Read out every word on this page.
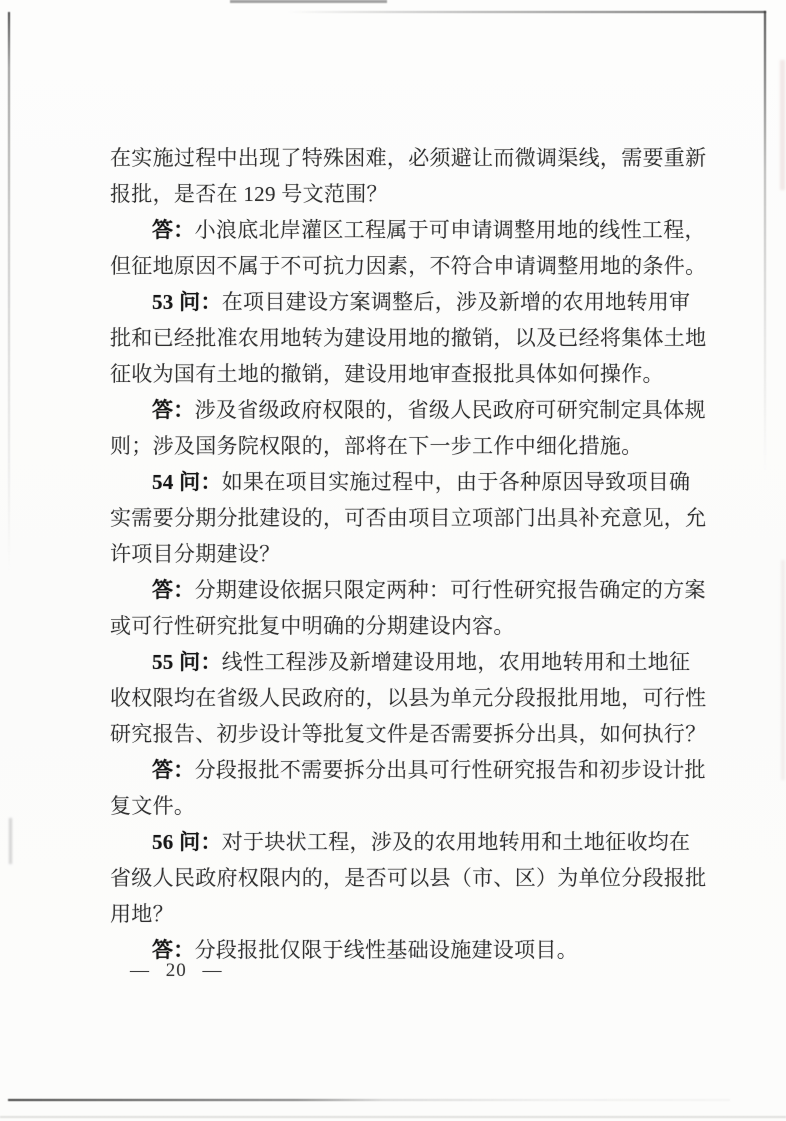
在实施过程中出现了特殊困难，必须避让而微调渠线，需要重新
报批，是否在 129 号文范围？
答：小浪底北岸灌区工程属于可申请调整用地的线性工程，
但征地原因不属于不可抗力因素，不符合申请调整用地的条件。
53 问：在项目建设方案调整后，涉及新增的农用地转用审
批和已经批准农用地转为建设用地的撤销，以及已经将集体土地
征收为国有土地的撤销，建设用地审查报批具体如何操作。
答：涉及省级政府权限的，省级人民政府可研究制定具体规
则；涉及国务院权限的，部将在下一步工作中细化措施。
54 问：如果在项目实施过程中，由于各种原因导致项目确
实需要分期分批建设的，可否由项目立项部门出具补充意见，允
许项目分期建设？
答：分期建设依据只限定两种：可行性研究报告确定的方案
或可行性研究批复中明确的分期建设内容。
55 问：线性工程涉及新增建设用地，农用地转用和土地征
收权限均在省级人民政府的，以县为单元分段报批用地，可行性
研究报告、初步设计等批复文件是否需要拆分出具，如何执行？
答：分段报批不需要拆分出具可行性研究报告和初步设计批
复文件。
56 问：对于块状工程，涉及的农用地转用和土地征收均在
省级人民政府权限内的，是否可以县（市、区）为单位分段报批
用地？
答：分段报批仅限于线性基础设施建设项目。
— 20 —
